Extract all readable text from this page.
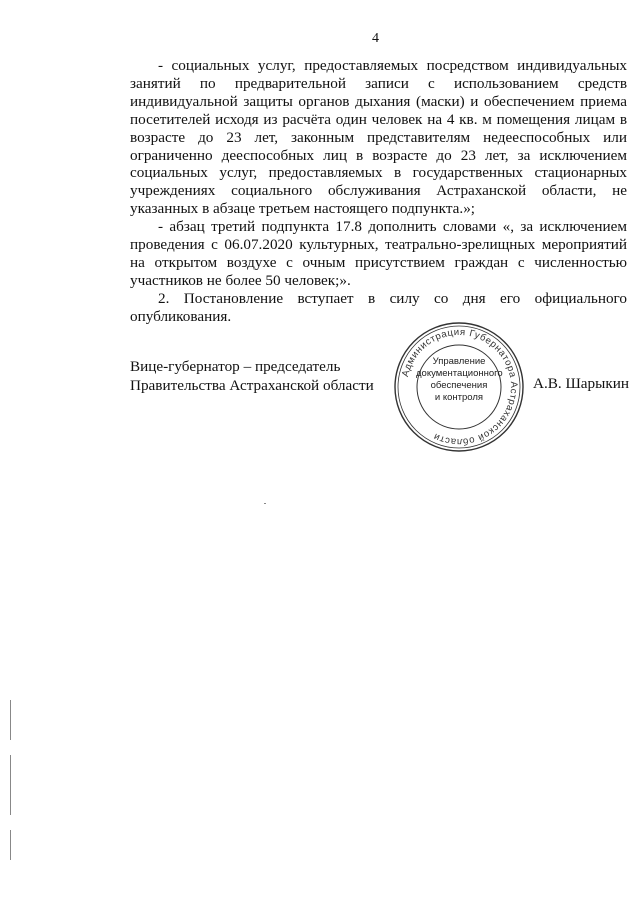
4

- социальных услуг, предоставляемых посредством индивидуальных занятий по предварительной записи с использованием средств индивидуальной защиты органов дыхания (маски) и обеспечением приема посетителей исходя из расчёта один человек на 4 кв. м помещения лицам в возрасте до 23 лет, законным представителям недееспособных или ограниченно дееспособных лиц в возрасте до 23 лет, за исключением социальных услуг, предоставляемых в государственных стационарных учреждениях социального обслуживания Астраханской области, не указанных в абзаце третьем настоящего подпункта.»;

- абзац третий подпункта 17.8 дополнить словами «, за исключением проведения с 06.07.2020 культурных, театрально-зрелищных мероприятий на открытом воздухе с очным присутствием граждан с численностью участников не более 50 человек;».

2. Постановление вступает в силу со дня его официального опубликования.

Вице-губернатор – председатель
Правительства Астраханской области
Администрация Губернатора Астраханской области
Управление
документационного
обеспечения
и контроля
А.В. Шарыкин
